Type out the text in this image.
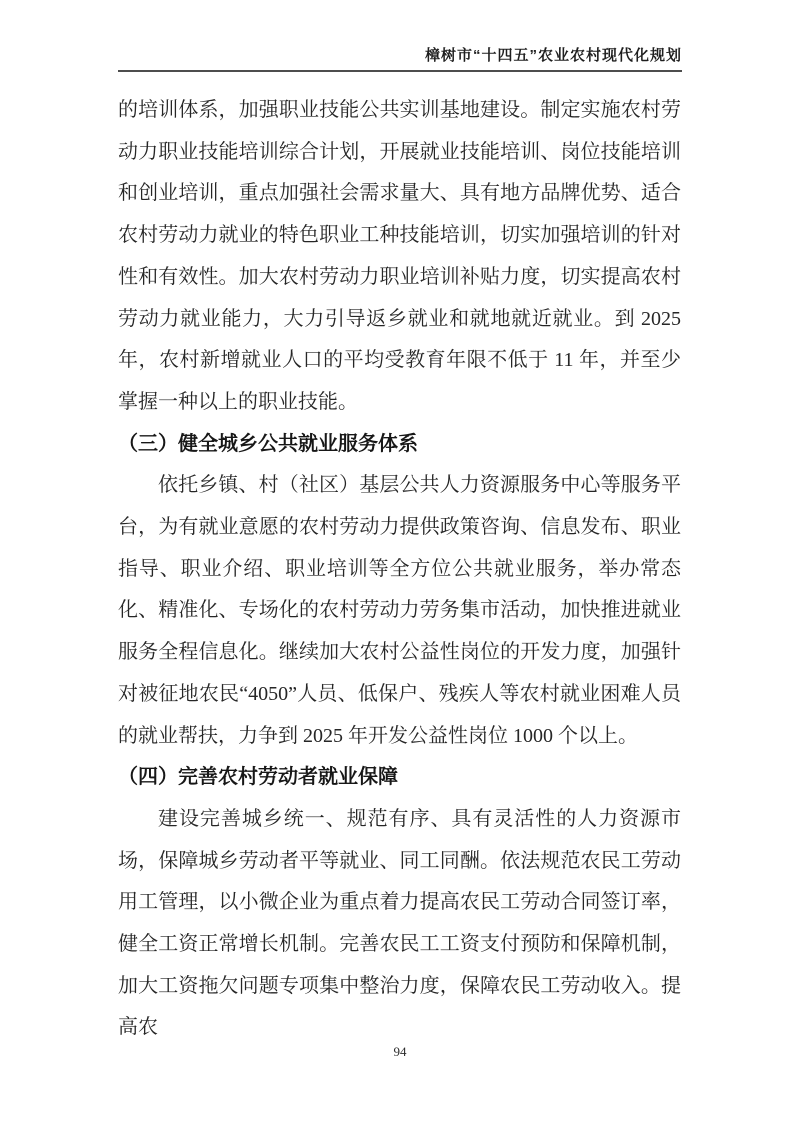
樟树市“十四五”农业农村现代化规划
的培训体系，加强职业技能公共实训基地建设。制定实施农村劳动力职业技能培训综合计划，开展就业技能培训、岗位技能培训和创业培训，重点加强社会需求量大、具有地方品牌优势、适合农村劳动力就业的特色职业工种技能培训，切实加强培训的针对性和有效性。加大农村劳动力职业培训补贴力度，切实提高农村劳动力就业能力，大力引导返乡就业和就地就近就业。到 2025 年，农村新增就业人口的平均受教育年限不低于 11 年，并至少掌握一种以上的职业技能。
（三）健全城乡公共就业服务体系
依托乡镇、村（社区）基层公共人力资源服务中心等服务平台，为有就业意愿的农村劳动力提供政策咨询、信息发布、职业指导、职业介绍、职业培训等全方位公共就业服务，举办常态化、精准化、专场化的农村劳动力劳务集市活动，加快推进就业服务全程信息化。继续加大农村公益性岗位的开发力度，加强针对被征地农民“4050”人员、低保户、残疾人等农村就业困难人员的就业帮扶，力争到 2025 年开发公益性岗位 1000 个以上。
（四）完善农村劳动者就业保障
建设完善城乡统一、规范有序、具有灵活性的人力资源市场，保障城乡劳动者平等就业、同工同酬。依法规范农民工劳动用工管理，以小微企业为重点着力提高农民工劳动合同签订率，健全工资正常增长机制。完善农民工工资支付预防和保障机制，加大工资拖欠问题专项集中整治力度，保障农民工劳动收入。提高农
94
